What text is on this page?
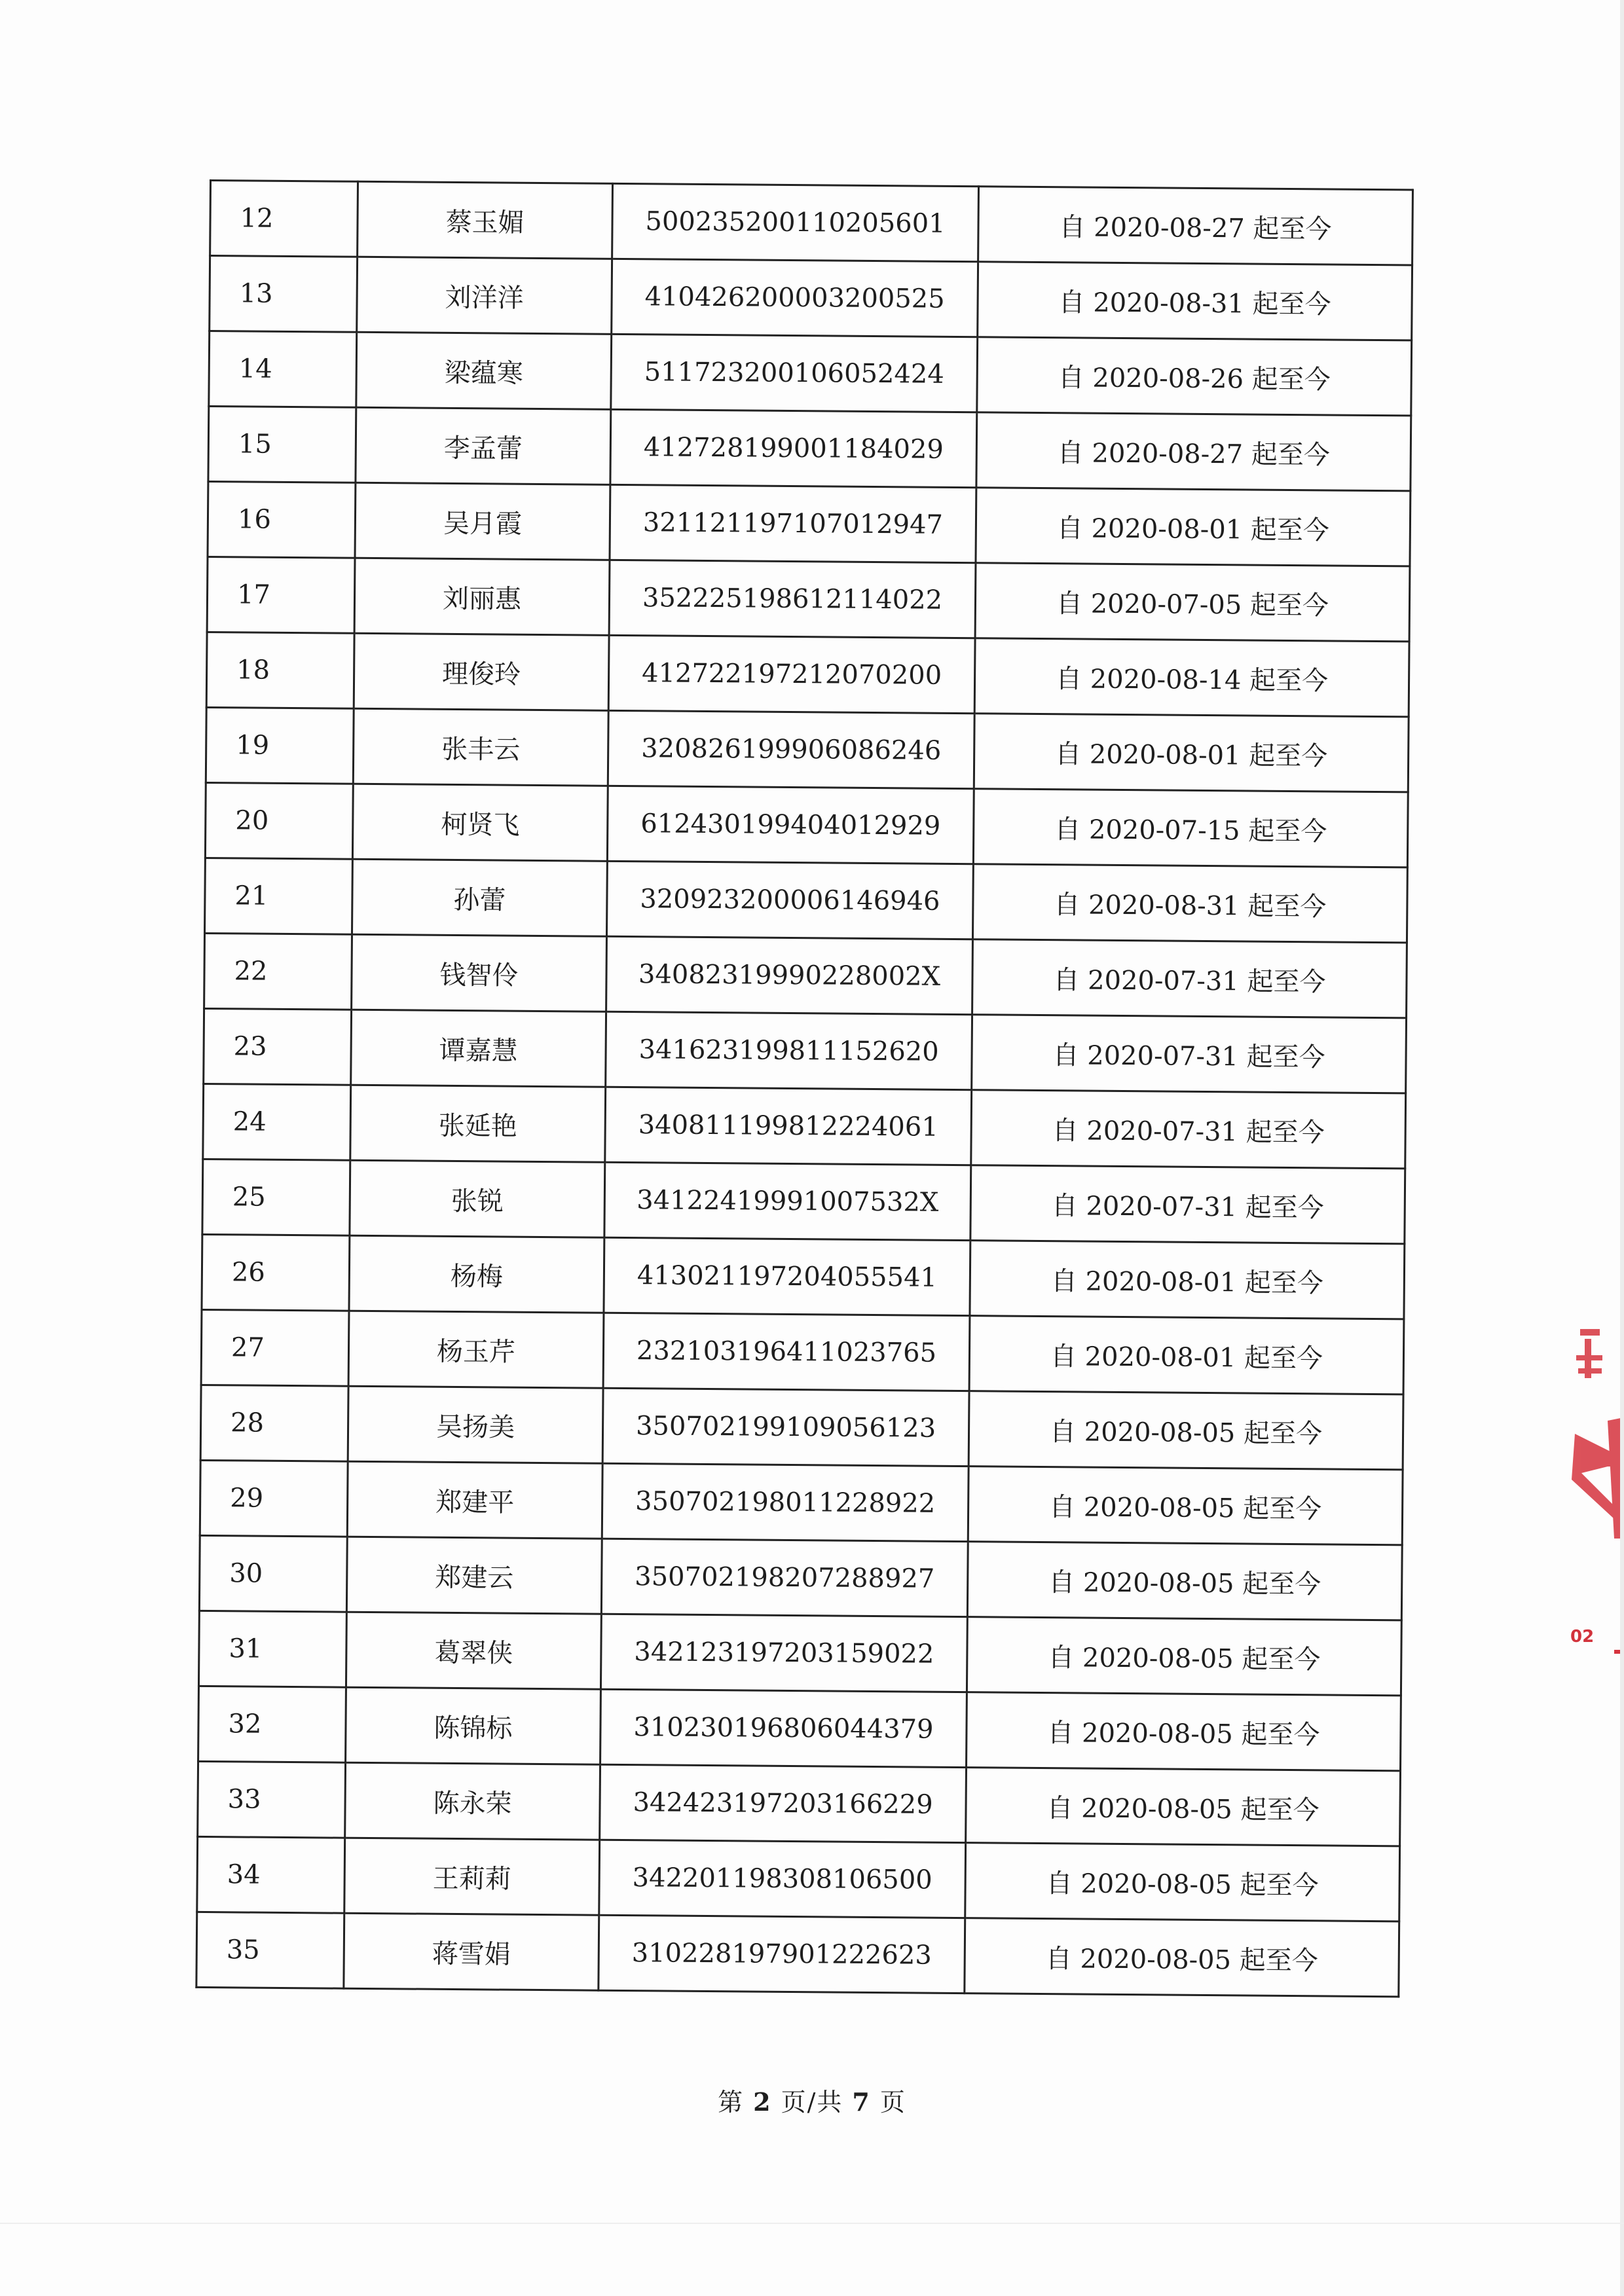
12	蔡玉媚	500235200110205601	自 2020-08-27 起至今
13	刘洋洋	410426200003200525	自 2020-08-31 起至今
14	梁蕴寒	511723200106052424	自 2020-08-26 起至今
15	李孟蕾	412728199001184029	自 2020-08-27 起至今
16	吴月霞	321121197107012947	自 2020-08-01 起至今
17	刘丽惠	352225198612114022	自 2020-07-05 起至今
18	理俊玲	412722197212070200	自 2020-08-14 起至今
19	张丰云	320826199906086246	自 2020-08-01 起至今
20	柯贤飞	612430199404012929	自 2020-07-15 起至今
21	孙蕾	320923200006146946	自 2020-08-31 起至今
22	钱智伶	34082319990228002X	自 2020-07-31 起至今
23	谭嘉慧	341623199811152620	自 2020-07-31 起至今
24	张延艳	340811199812224061	自 2020-07-31 起至今
25	张锐	34122419991007532X	自 2020-07-31 起至今
26	杨梅	413021197204055541	自 2020-08-01 起至今
27	杨玉芹	232103196411023765	自 2020-08-01 起至今
28	吴扬美	350702199109056123	自 2020-08-05 起至今
29	郑建平	350702198011228922	自 2020-08-05 起至今
30	郑建云	350702198207288927	自 2020-08-05 起至今
31	葛翠侠	342123197203159022	自 2020-08-05 起至今
32	陈锦标	310230196806044379	自 2020-08-05 起至今
33	陈永荣	342423197203166229	自 2020-08-05 起至今
34	王莉莉	342201198308106500	自 2020-08-05 起至今
35	蒋雪娟	310228197901222623	自 2020-08-05 起至今
第 2 页/共 7 页
02
